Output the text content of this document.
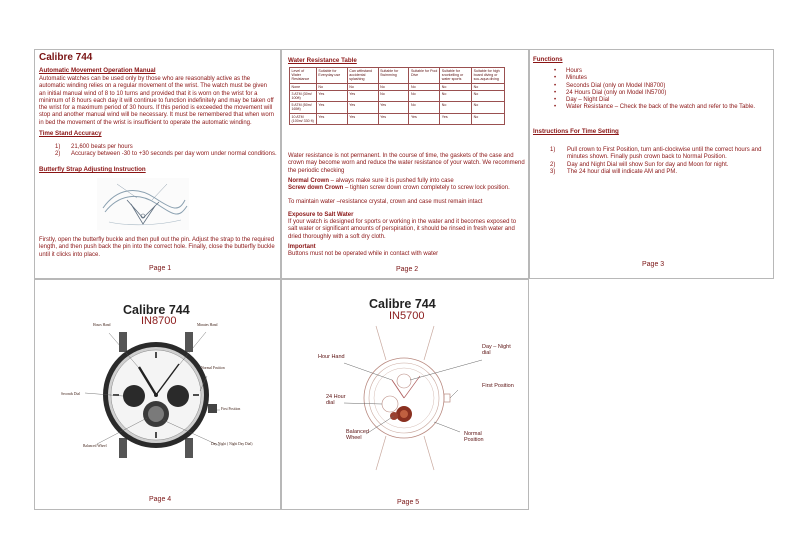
Calibre 744
Automatic Movement Operation Manual
Automatic watches can be used only by those who are reasonably active as the automatic winding relies on a regular movement of the wrist. The watch must be given an initial manual wind of 8 to 10 turns and provided that it is worn on the wrist for a minimum of 8 hours each day it will continue to function indefinitely and may be taken off the wrist for a maximum period of 30 hours. If this period is exceeded the movement will stop and another manual wind will be necessary. It must be remembered that when worn in bed the movement of the wrist is insufficient to operate the automatic winding.
Time Stand Accuracy
1)	21,600 beats per hours
2)	Accuracy between -30 to +30 seconds per day worn under normal conditions.
Butterfly Strap Adjusting Instruction
Firstly, open the butterfly buckle and then pull out the pin. Adjust the strap to the required length, and then push back the pin into the correct hole. Finally, close the butterfly buckle until it clicks into place.
Page 1
Water Resistance Table
Level of Water Resistance	Suitable for Everyday use	Can withstand accidental splashing	Suitable for Swimming	Suitable for Pool Dive	Suitable for snorkelling or water sports	Suitable for high board diving or scu-aqua diving
None	No	No	No	No	No	No
3 ATM (30m/ 100ft)	Yes	Yes	No	No	No	No
5 ATM (50m/ 165ft)	Yes	Yes	Yes	No	No	No
10 ATM (100m/ 330 ft)	Yes	Yes	Yes	Yes	Yes	No
Water resistance is not permanent. In the course of time, the gaskets of the case and crown may become worn and reduce the water resistance of your watch. We recommend the periodic checking
Normal Crown – always make sure it is pushed fully into case
Screw down Crown – tighten screw down crown completely to screw lock position.
To maintain water –resistance crystal, crown and case must remain intact
Exposure to Salt Water
If your watch is designed for sports or working in the water and it becomes exposed to salt water or significant amounts of perspiration, it should be rinsed in fresh water and dried thoroughly with a soft dry cloth.
Important
Buttons must not be operated while in contact with water
Page 2
Functions
• Hours
• Minutes
• Seconds Dial (only on Model IN8700)
• 24 Hours Dial (only on Model IN5700)
• Day – Night Dial
• Water Resistance – Check the back of the watch and refer to the Table.
Instructions For Time Setting
1)	Pull crown to First Position, turn anti-clockwise until the correct hours and minutes shown. Finally push crown back to Normal Position.
2)	Day and Night Dial will show Sun for day and Moon for night.
3)	The 24 hour dial will indicate AM and PM.
Page 3
Calibre 744
IN8700
Hours Hand	Minutes Hand
Normal Position
Seconds Dial
First Position
Balanced Wheel	Day Night ( Night Day Dial)
Page 4
Calibre 744
IN5700
Hour Hand
Day – Night dial
24 Hour dial
First Position
Balanced Wheel
Normal Position
Page 5
